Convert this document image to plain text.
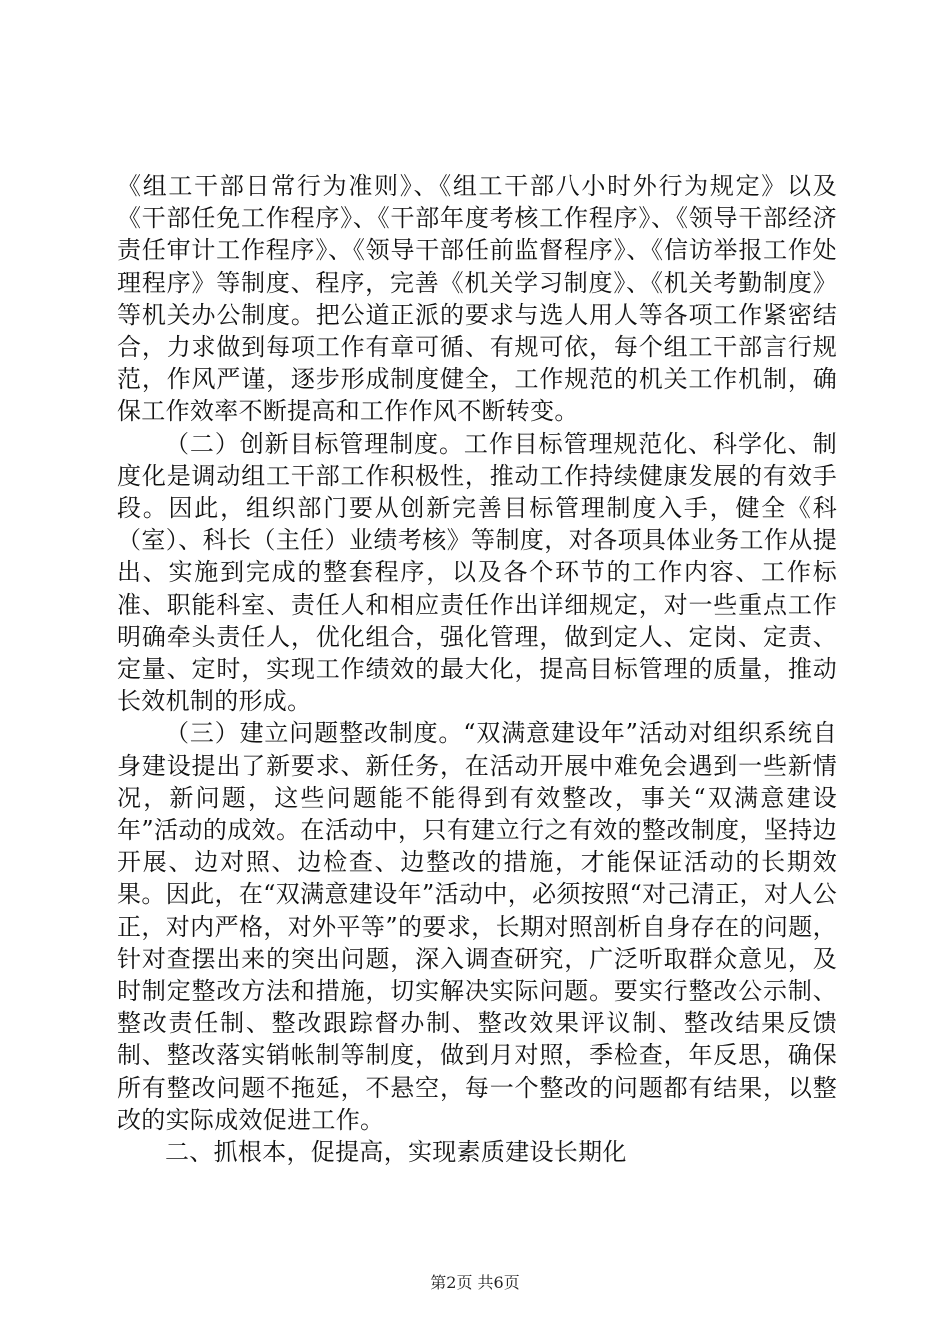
《组工干部日常行为准则》、《组工干部八小时外行为规定》以及《干部任免工作程序》、《干部年度考核工作程序》、《领导干部经济责任审计工作程序》、《领导干部任前监督程序》、《信访举报工作处理程序》等制度、程序，完善《机关学习制度》、《机关考勤制度》等机关办公制度。把公道正派的要求与选人用人等各项工作紧密结合，力求做到每项工作有章可循、有规可依，每个组工干部言行规范，作风严谨，逐步形成制度健全，工作规范的机关工作机制，确保工作效率不断提高和工作作风不断转变。

（二）创新目标管理制度。工作目标管理规范化、科学化、制度化是调动组工干部工作积极性，推动工作持续健康发展的有效手段。因此，组织部门要从创新完善目标管理制度入手，健全《科（室）、科长（主任）业绩考核》等制度，对各项具体业务工作从提出、实施到完成的整套程序，以及各个环节的工作内容、工作标准、职能科室、责任人和相应责任作出详细规定，对一些重点工作明确牵头责任人，优化组合，强化管理，做到定人、定岗、定责、定量、定时，实现工作绩效的最大化，提高目标管理的质量，推动长效机制的形成。

（三）建立问题整改制度。“双满意建设年”活动对组织系统自身建设提出了新要求、新任务，在活动开展中难免会遇到一些新情况，新问题，这些问题能不能得到有效整改，事关“双满意建设年”活动的成效。在活动中，只有建立行之有效的整改制度，坚持边开展、边对照、边检查、边整改的措施，才能保证活动的长期效果。因此，在“双满意建设年”活动中，必须按照“对己清正，对人公正，对内严格，对外平等”的要求，长期对照剖析自身存在的问题，针对查摆出来的突出问题，深入调查研究，广泛听取群众意见，及时制定整改方法和措施，切实解决实际问题。要实行整改公示制、整改责任制、整改跟踪督办制、整改效果评议制、整改结果反馈制、整改落实销帐制等制度，做到月对照，季检查，年反思，确保所有整改问题不拖延，不悬空，每一个整改的问题都有结果，以整改的实际成效促进工作。

二、抓根本，促提高，实现素质建设长期化

第2页 共6页
